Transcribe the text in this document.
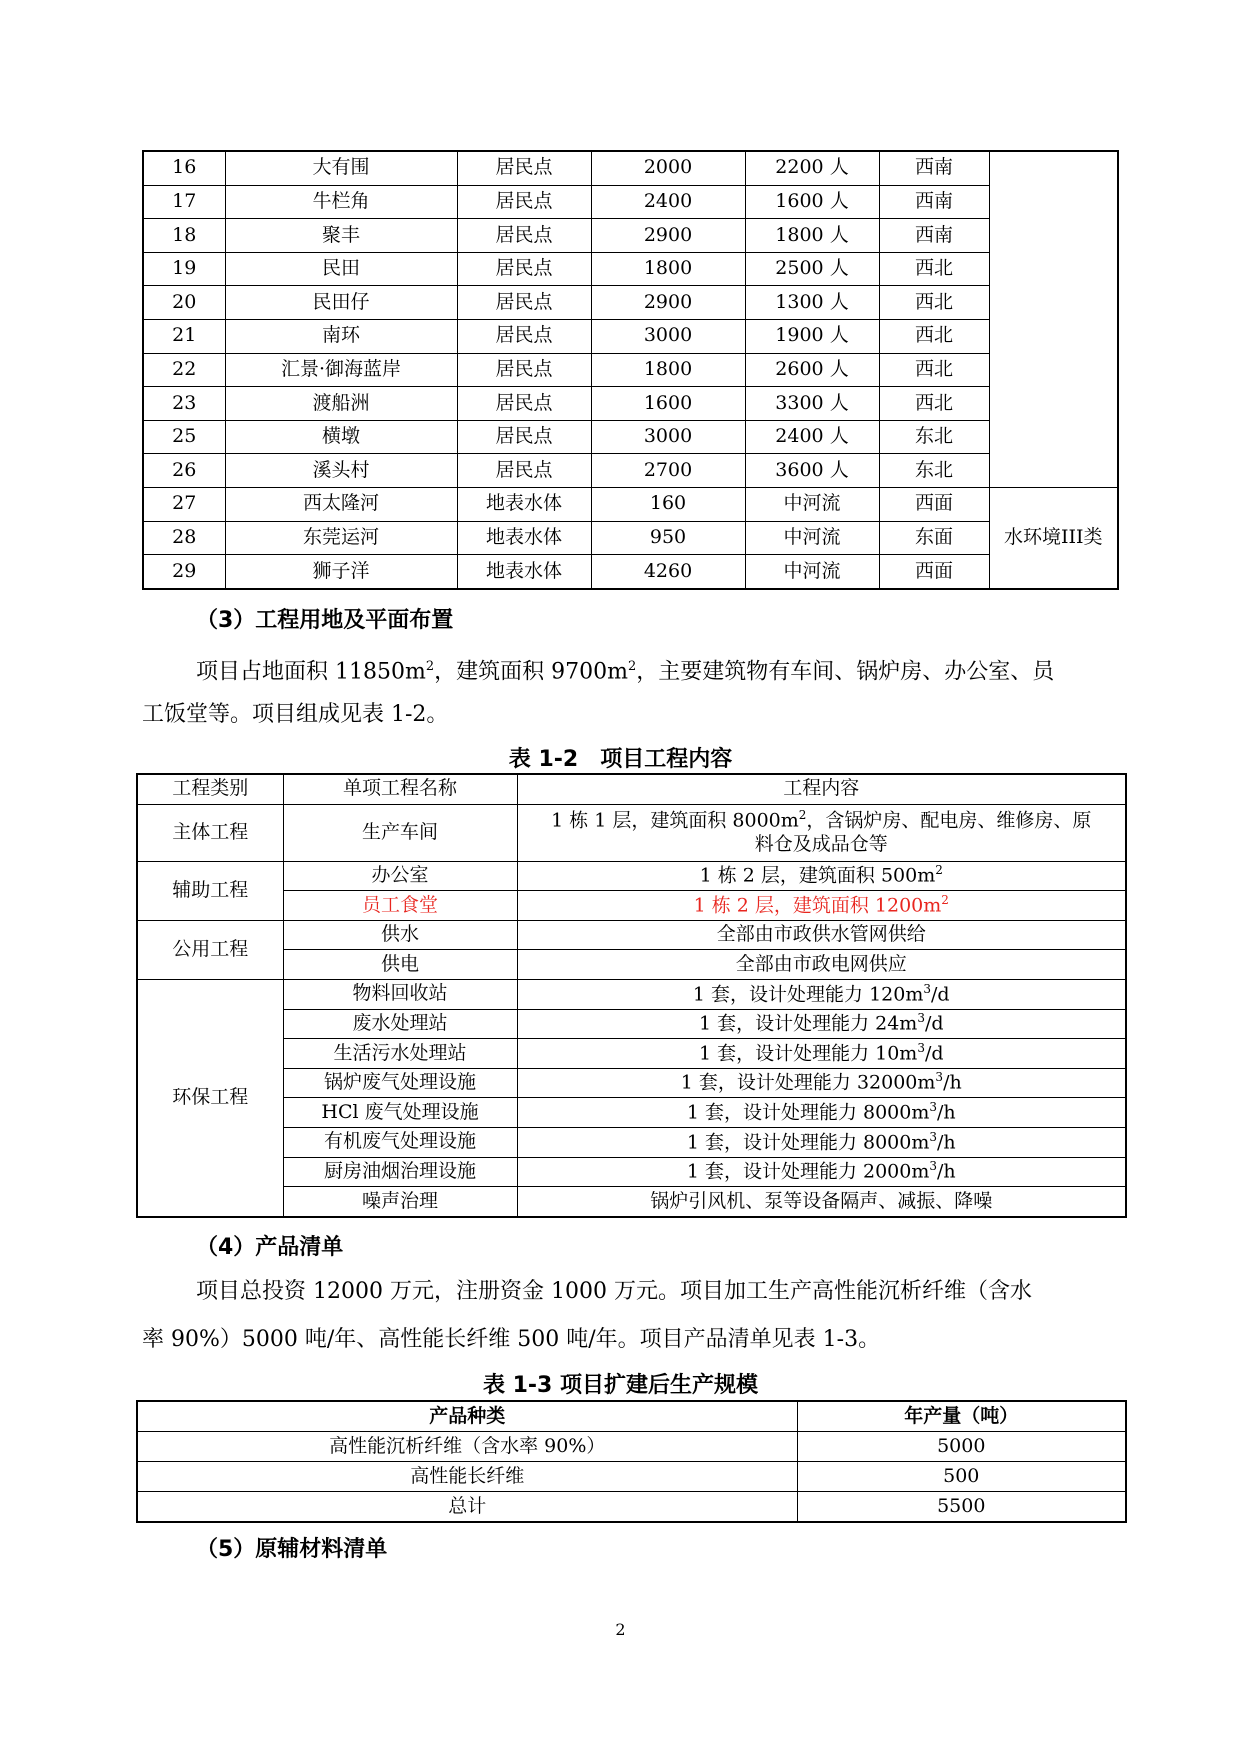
16	大有围	居民点	2000	2200 人	西南	
17	牛栏角	居民点	2400	1600 人	西南	
18	聚丰	居民点	2900	1800 人	西南	
19	民田	居民点	1800	2500 人	西北	
20	民田仔	居民点	2900	1300 人	西北	
21	南环	居民点	3000	1900 人	西北	
22	汇景·御海蓝岸	居民点	1800	2600 人	西北	
23	渡船洲	居民点	1600	3300 人	西北	
25	横墩	居民点	3000	2400 人	东北	
26	溪头村	居民点	2700	3600 人	东北	
27	西太隆河	地表水体	160	中河流	西面	水环境III类
28	东莞运河	地表水体	950	中河流	东面	
29	狮子洋	地表水体	4260	中河流	西面	
（3）工程用地及平面布置
项目占地面积 $11850m^2$，建筑面积 $9700m^2$，主要建筑物有车间、锅炉房、办公室、员
工饭堂等。项目组成见表 1-2。
表 1-2　项目工程内容
工程类别	单项工程名称	工程内容
主体工程	生产车间	1 栋 1 层，建筑面积 $8000m^2$，含锅炉房、配电房、维修房、原
料仓及成品仓等
辅助工程	办公室	1 栋 2 层，建筑面积 $500m^2$
	员工食堂	1 栋 2 层，建筑面积 $1200m^2$
公用工程	供水	全部由市政供水管网供给
	供电	全部由市政电网供应
环保工程	物料回收站	1 套，设计处理能力 $120m^3/d$
	废水处理站	1 套，设计处理能力 $24m^3/d$
	生活污水处理站	1 套，设计处理能力 $10m^3/d$
	锅炉废气处理设施	1 套，设计处理能力 $32000m^3/h$
	HCl 废气处理设施	1 套，设计处理能力 $8000m^3/h$
	有机废气处理设施	1 套，设计处理能力 $8000m^3/h$
	厨房油烟治理设施	1 套，设计处理能力 $2000m^3/h$
	噪声治理	锅炉引风机、泵等设备隔声、减振、降噪
（4）产品清单
项目总投资 12000 万元，注册资金 1000 万元。项目加工生产高性能沉析纤维（含水
率 90%）5000 吨/年、高性能长纤维 500 吨/年。项目产品清单见表 1-3。
表 1-3 项目扩建后生产规模
产品种类	年产量（吨）
高性能沉析纤维（含水率 90%）	5000
高性能长纤维	500
总计	5500
（5）原辅材料清单
2
